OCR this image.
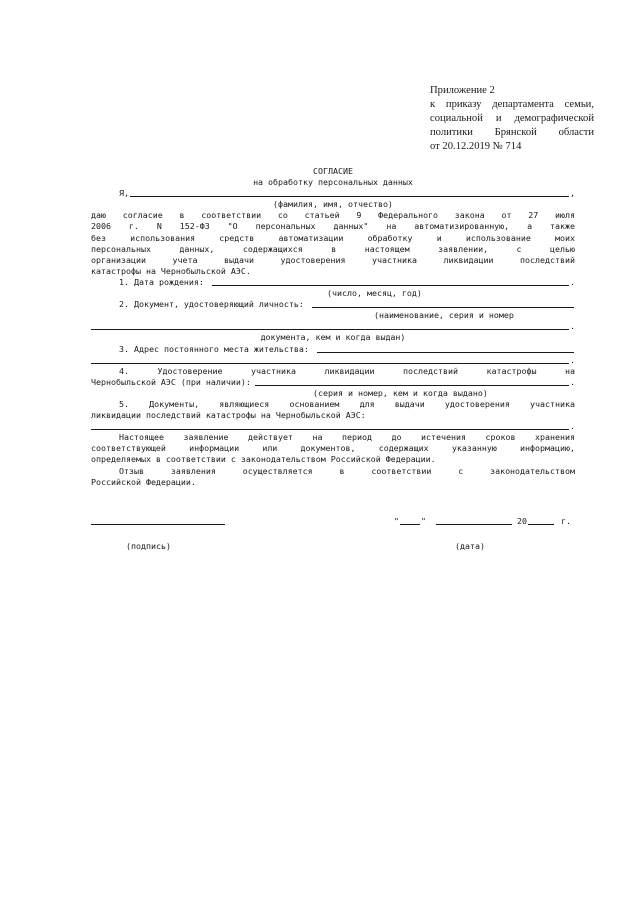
Приложение 2
к приказу департамента семьи,
социальной и демографической
политики Брянской области
от 20.12.2019 № 714
СОГЛАСИЕ
на обработку персональных данных
Я,	,
(фамилия, имя, отчество)
даю согласие в соответствии со статьей 9 Федерального закона от 27 июля
2006 г. N 152-ФЗ "О персональных данных" на автоматизированную, а также
без использования средств автоматизации обработку и использование моих
персональных данных, содержащихся в настоящем заявлении, с целью
организации учета выдачи удостоверения участника ликвидации последствий
катастрофы на Чернобыльской АЭС.
1. Дата рождения:	.
(число, месяц, год)
2. Документ, удостоверяющий личность:
(наименование, серия и номер
.
документа, кем и когда выдан)
3. Адрес постоянного места жительства:
.
4. Удостоверение участника ликвидации последствий катастрофы на
Чернобыльской АЭС (при наличии):	.
(серия и номер, кем и когда выдано)
5. Документы, являющиеся основанием для выдачи удостоверения участника
ликвидации последствий катастрофы на Чернобыльской АЭС:
.
Настоящее заявление действует на период до истечения сроков хранения
соответствующей информации или документов, содержащих указанную информацию,
определяемых в соответствии с законодательством Российской Федерации.
Отзыв заявления осуществляется в соответствии с законодательством
Российской Федерации.
"	"	20	г.
(подпись)	(дата)
